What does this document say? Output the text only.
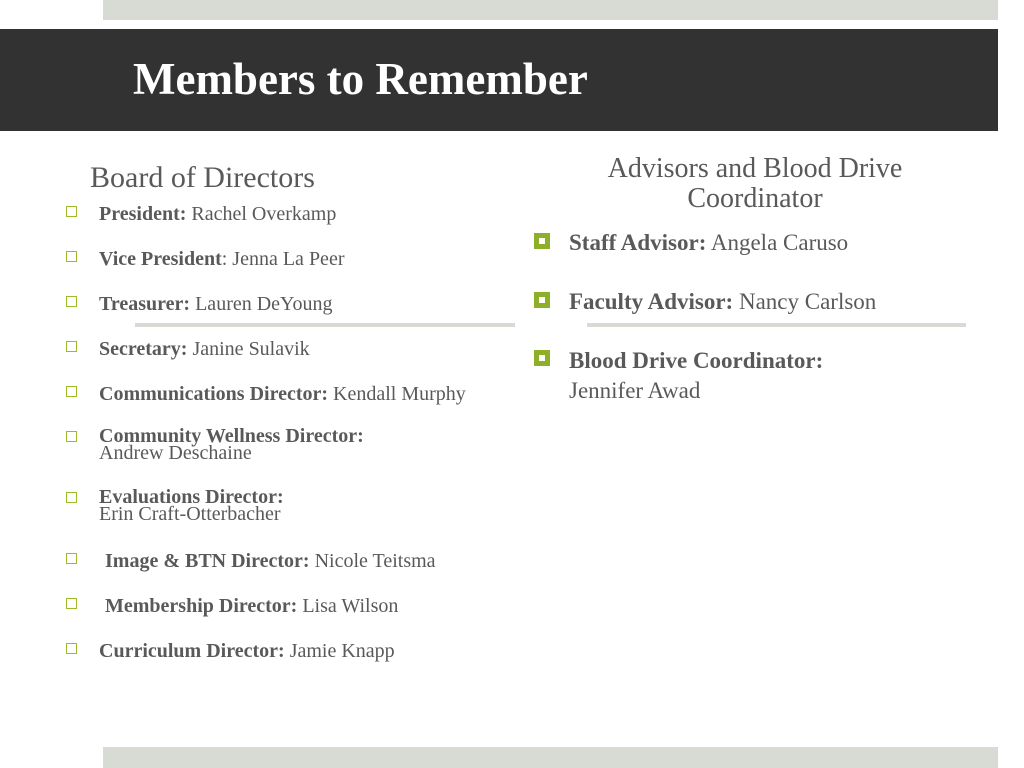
Members to Remember
Board of Directors
President: Rachel Overkamp
Vice President: Jenna La Peer
Treasurer: Lauren DeYoung
Secretary: Janine Sulavik
Communications Director: Kendall Murphy
Community Wellness Director:
Andrew Deschaine
Evaluations Director:
Erin Craft-Otterbacher
Image & BTN Director: Nicole Teitsma
Membership Director: Lisa Wilson
Curriculum Director: Jamie Knapp
Advisors and Blood Drive Coordinator
Staff Advisor: Angela Caruso
Faculty Advisor: Nancy Carlson
Blood Drive Coordinator:
Jennifer Awad
